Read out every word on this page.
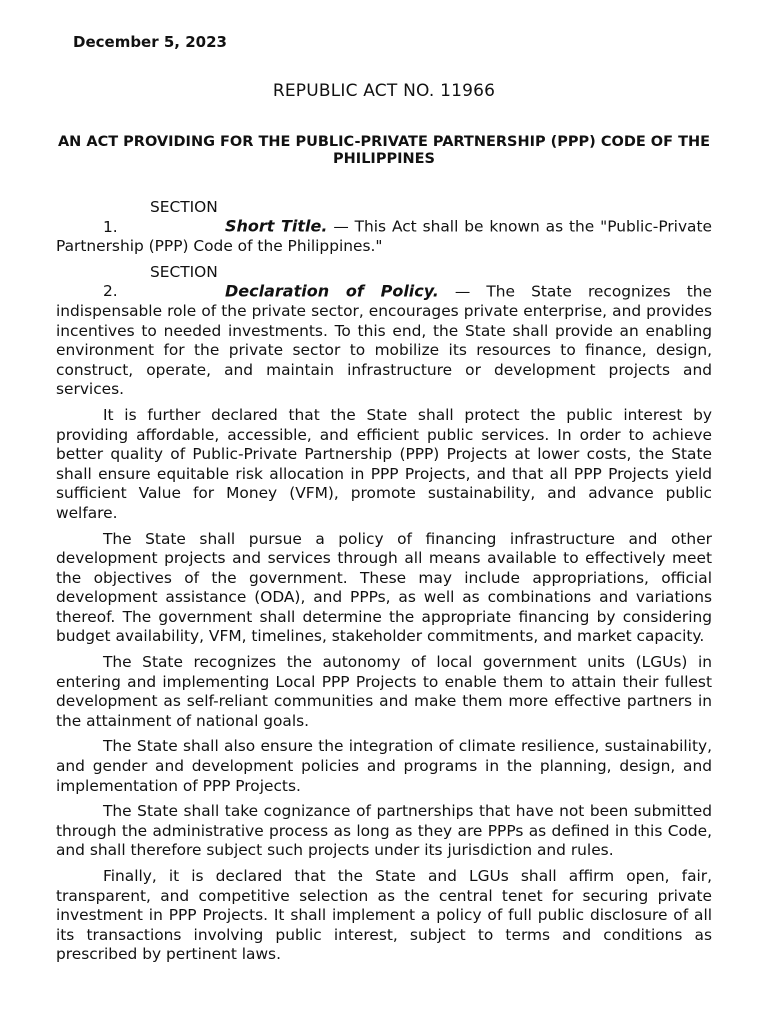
December 5, 2023
REPUBLIC ACT NO. 11966
AN ACT PROVIDING FOR THE PUBLIC-PRIVATE PARTNERSHIP (PPP) CODE OF THE PHILIPPINES

SECTION 1.	Short Title. — This Act shall be known as the "Public-Private Partnership (PPP) Code of the Philippines."

SECTION 2.	Declaration of Policy. — The State recognizes the indispensable role of the private sector, encourages private enterprise, and provides incentives to needed investments. To this end, the State shall provide an enabling environment for the private sector to mobilize its resources to finance, design, construct, operate, and maintain infrastructure or development projects and services.

It is further declared that the State shall protect the public interest by providing affordable, accessible, and efficient public services. In order to achieve better quality of Public-Private Partnership (PPP) Projects at lower costs, the State shall ensure equitable risk allocation in PPP Projects, and that all PPP Projects yield sufficient Value for Money (VFM), promote sustainability, and advance public welfare.

The State shall pursue a policy of financing infrastructure and other development projects and services through all means available to effectively meet the objectives of the government. These may include appropriations, official development assistance (ODA), and PPPs, as well as combinations and variations thereof. The government shall determine the appropriate financing by considering budget availability, VFM, timelines, stakeholder commitments, and market capacity.

The State recognizes the autonomy of local government units (LGUs) in entering and implementing Local PPP Projects to enable them to attain their fullest development as self-reliant communities and make them more effective partners in the attainment of national goals.

The State shall also ensure the integration of climate resilience, sustainability, and gender and development policies and programs in the planning, design, and implementation of PPP Projects.

The State shall take cognizance of partnerships that have not been submitted through the administrative process as long as they are PPPs as defined in this Code, and shall therefore subject such projects under its jurisdiction and rules.

Finally, it is declared that the State and LGUs shall affirm open, fair, transparent, and competitive selection as the central tenet for securing private investment in PPP Projects. It shall implement a policy of full public disclosure of all its transactions involving public interest, subject to terms and conditions as prescribed by pertinent laws.
